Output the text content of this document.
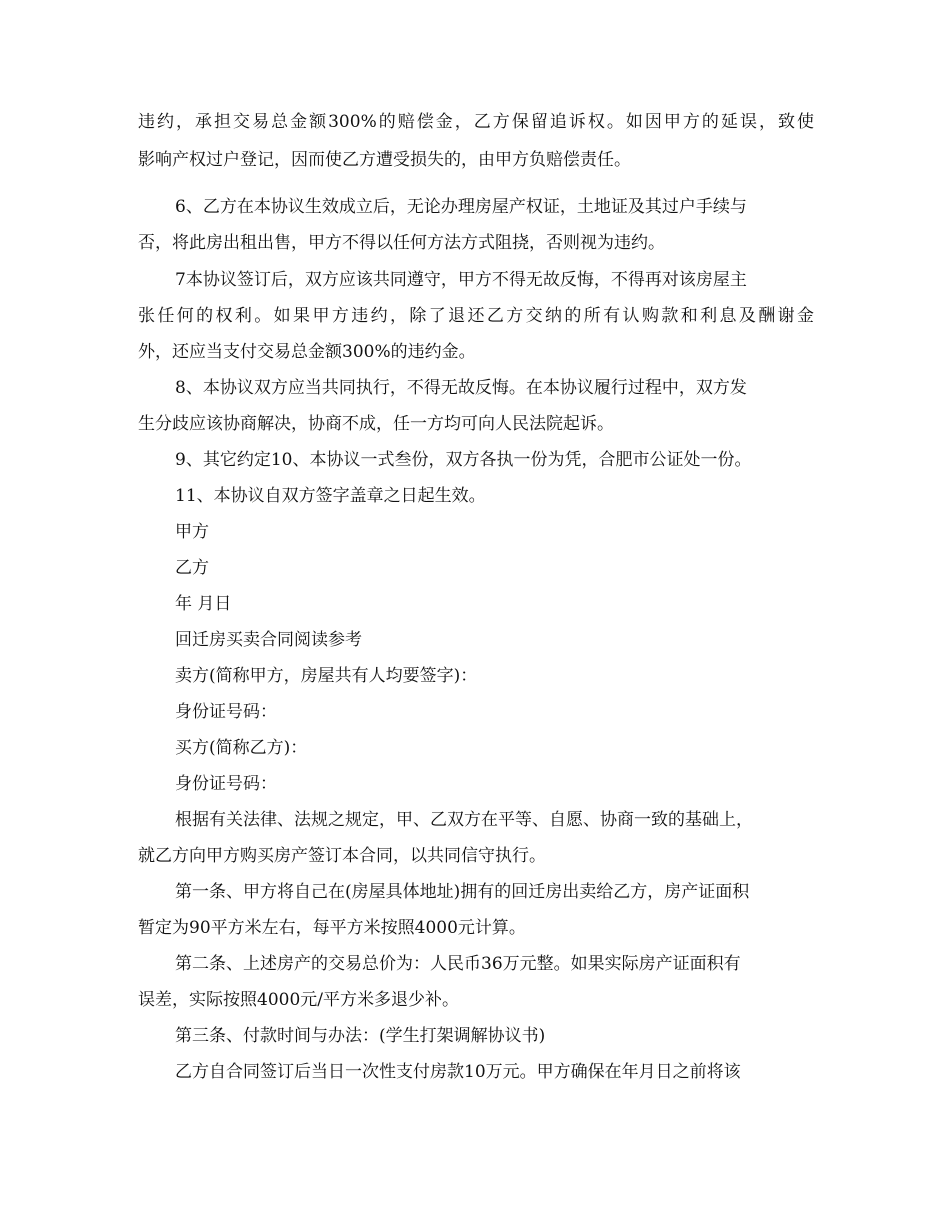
违约，承担交易总金额300%的赔偿金，乙方保留追诉权。如因甲方的延误，致使
影响产权过户登记，因而使乙方遭受损失的，由甲方负赔偿责任。
6、乙方在本协议生效成立后，无论办理房屋产权证，土地证及其过户手续与
否，将此房出租出售，甲方不得以任何方法方式阻挠，否则视为违约。
7本协议签订后，双方应该共同遵守，甲方不得无故反悔，不得再对该房屋主
张任何的权利。如果甲方违约，除了退还乙方交纳的所有认购款和利息及酬谢金
外，还应当支付交易总金额300%的违约金。
8、本协议双方应当共同执行，不得无故反悔。在本协议履行过程中，双方发
生分歧应该协商解决，协商不成，任一方均可向人民法院起诉。
9、其它约定10、本协议一式叁份，双方各执一份为凭，合肥市公证处一份。
11、本协议自双方签字盖章之日起生效。
甲方
乙方
年 月日
回迁房买卖合同阅读参考
卖方(简称甲方，房屋共有人均要签字)：
身份证号码：
买方(简称乙方)：
身份证号码：
根据有关法律、法规之规定，甲、乙双方在平等、自愿、协商一致的基础上，
就乙方向甲方购买房产签订本合同，以共同信守执行。
第一条、甲方将自己在(房屋具体地址)拥有的回迁房出卖给乙方，房产证面积
暂定为90平方米左右，每平方米按照4000元计算。
第二条、上述房产的交易总价为：人民币36万元整。如果实际房产证面积有
误差，实际按照4000元/平方米多退少补。
第三条、付款时间与办法：(学生打架调解协议书)
乙方自合同签订后当日一次性支付房款10万元。甲方确保在年月日之前将该
